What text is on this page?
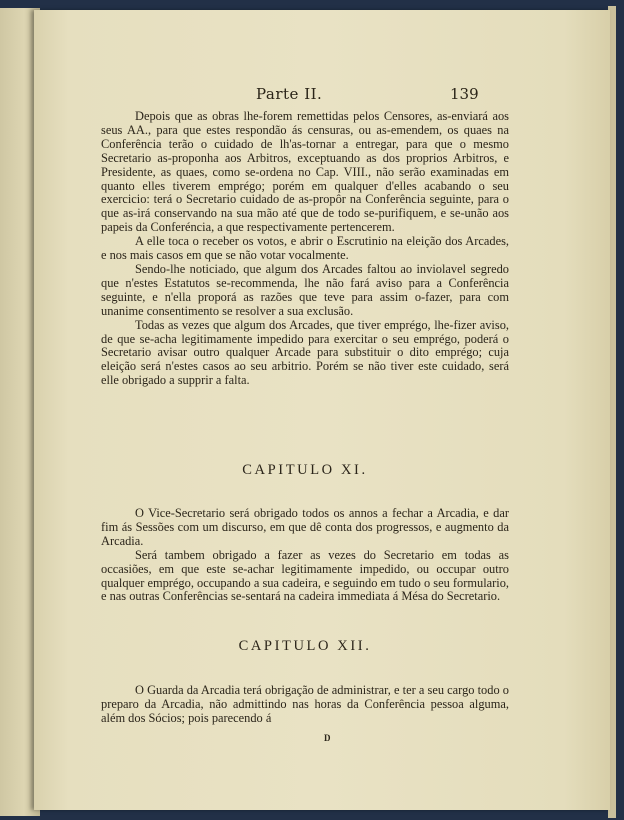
Parte II.	139

Depois que as obras lhe-forem remettidas pelos Censores, as-enviará aos seus AA., para que estes respondão ás censuras, ou as-emendem, os quaes na Conferência terão o cuidado de lh'as-tornar a entregar, para que o mesmo Secretario as-proponha aos Arbitros, exceptuando as dos proprios Arbitros, e Presidente, as quaes, como se-ordena no Cap. VIII., não serão examinadas em quanto elles tiverem emprégo; porém em qualquer d'elles acabando o seu exercicio: terá o Secretario cuidado de as-propôr na Conferência seguinte, para o que as-irá conservando na sua mão até que de todo se-purifiquem, e se-unão aos papeis da Conferéncia, a que respectivamente pertencerem.

A elle toca o receber os votos, e abrir o Escrutinio na eleição dos Arcades, e nos mais casos em que se não votar vocalmente.

Sendo-lhe noticiado, que algum dos Arcades faltou ao inviolavel segredo que n'estes Estatutos se-recommenda, lhe não fará aviso para a Conferência seguinte, e n'ella proporá as razões que teve para assim o-fazer, para com unanime consentimento se resolver a sua exclusão.

Todas as vezes que algum dos Arcades, que tiver emprégo, lhe-fizer aviso, de que se-acha legitimamente impedido para exercitar o seu emprégo, poderá o Secretario avisar outro qualquer Arcade para substituir o dito emprégo; cuja eleição será n'estes casos ao seu arbitrio. Porém se não tiver este cuidado, será elle obrigado a supprir a falta.

CAPITULO XI.

O Vice-Secretario será obrigado todos os annos a fechar a Arcadia, e dar fim ás Sessões com um discurso, em que dê conta dos progressos, e augmento da Arcadia.

Será tambem obrigado a fazer as vezes do Secretario em todas as occasiões, em que este se-achar legitimamente impedido, ou occupar outro qualquer emprégo, occupando a sua cadeira, e seguindo em tudo o seu formulario, e nas outras Conferências se-sentará na cadeira immediata á Mésa do Secretario.

CAPITULO XII.

O Guarda da Arcadia terá obrigação de administrar, e ter a seu cargo todo o preparo da Arcadia, não admittindo nas horas da Conferência pessoa alguma, além dos Sócios; pois parecendo á

D
